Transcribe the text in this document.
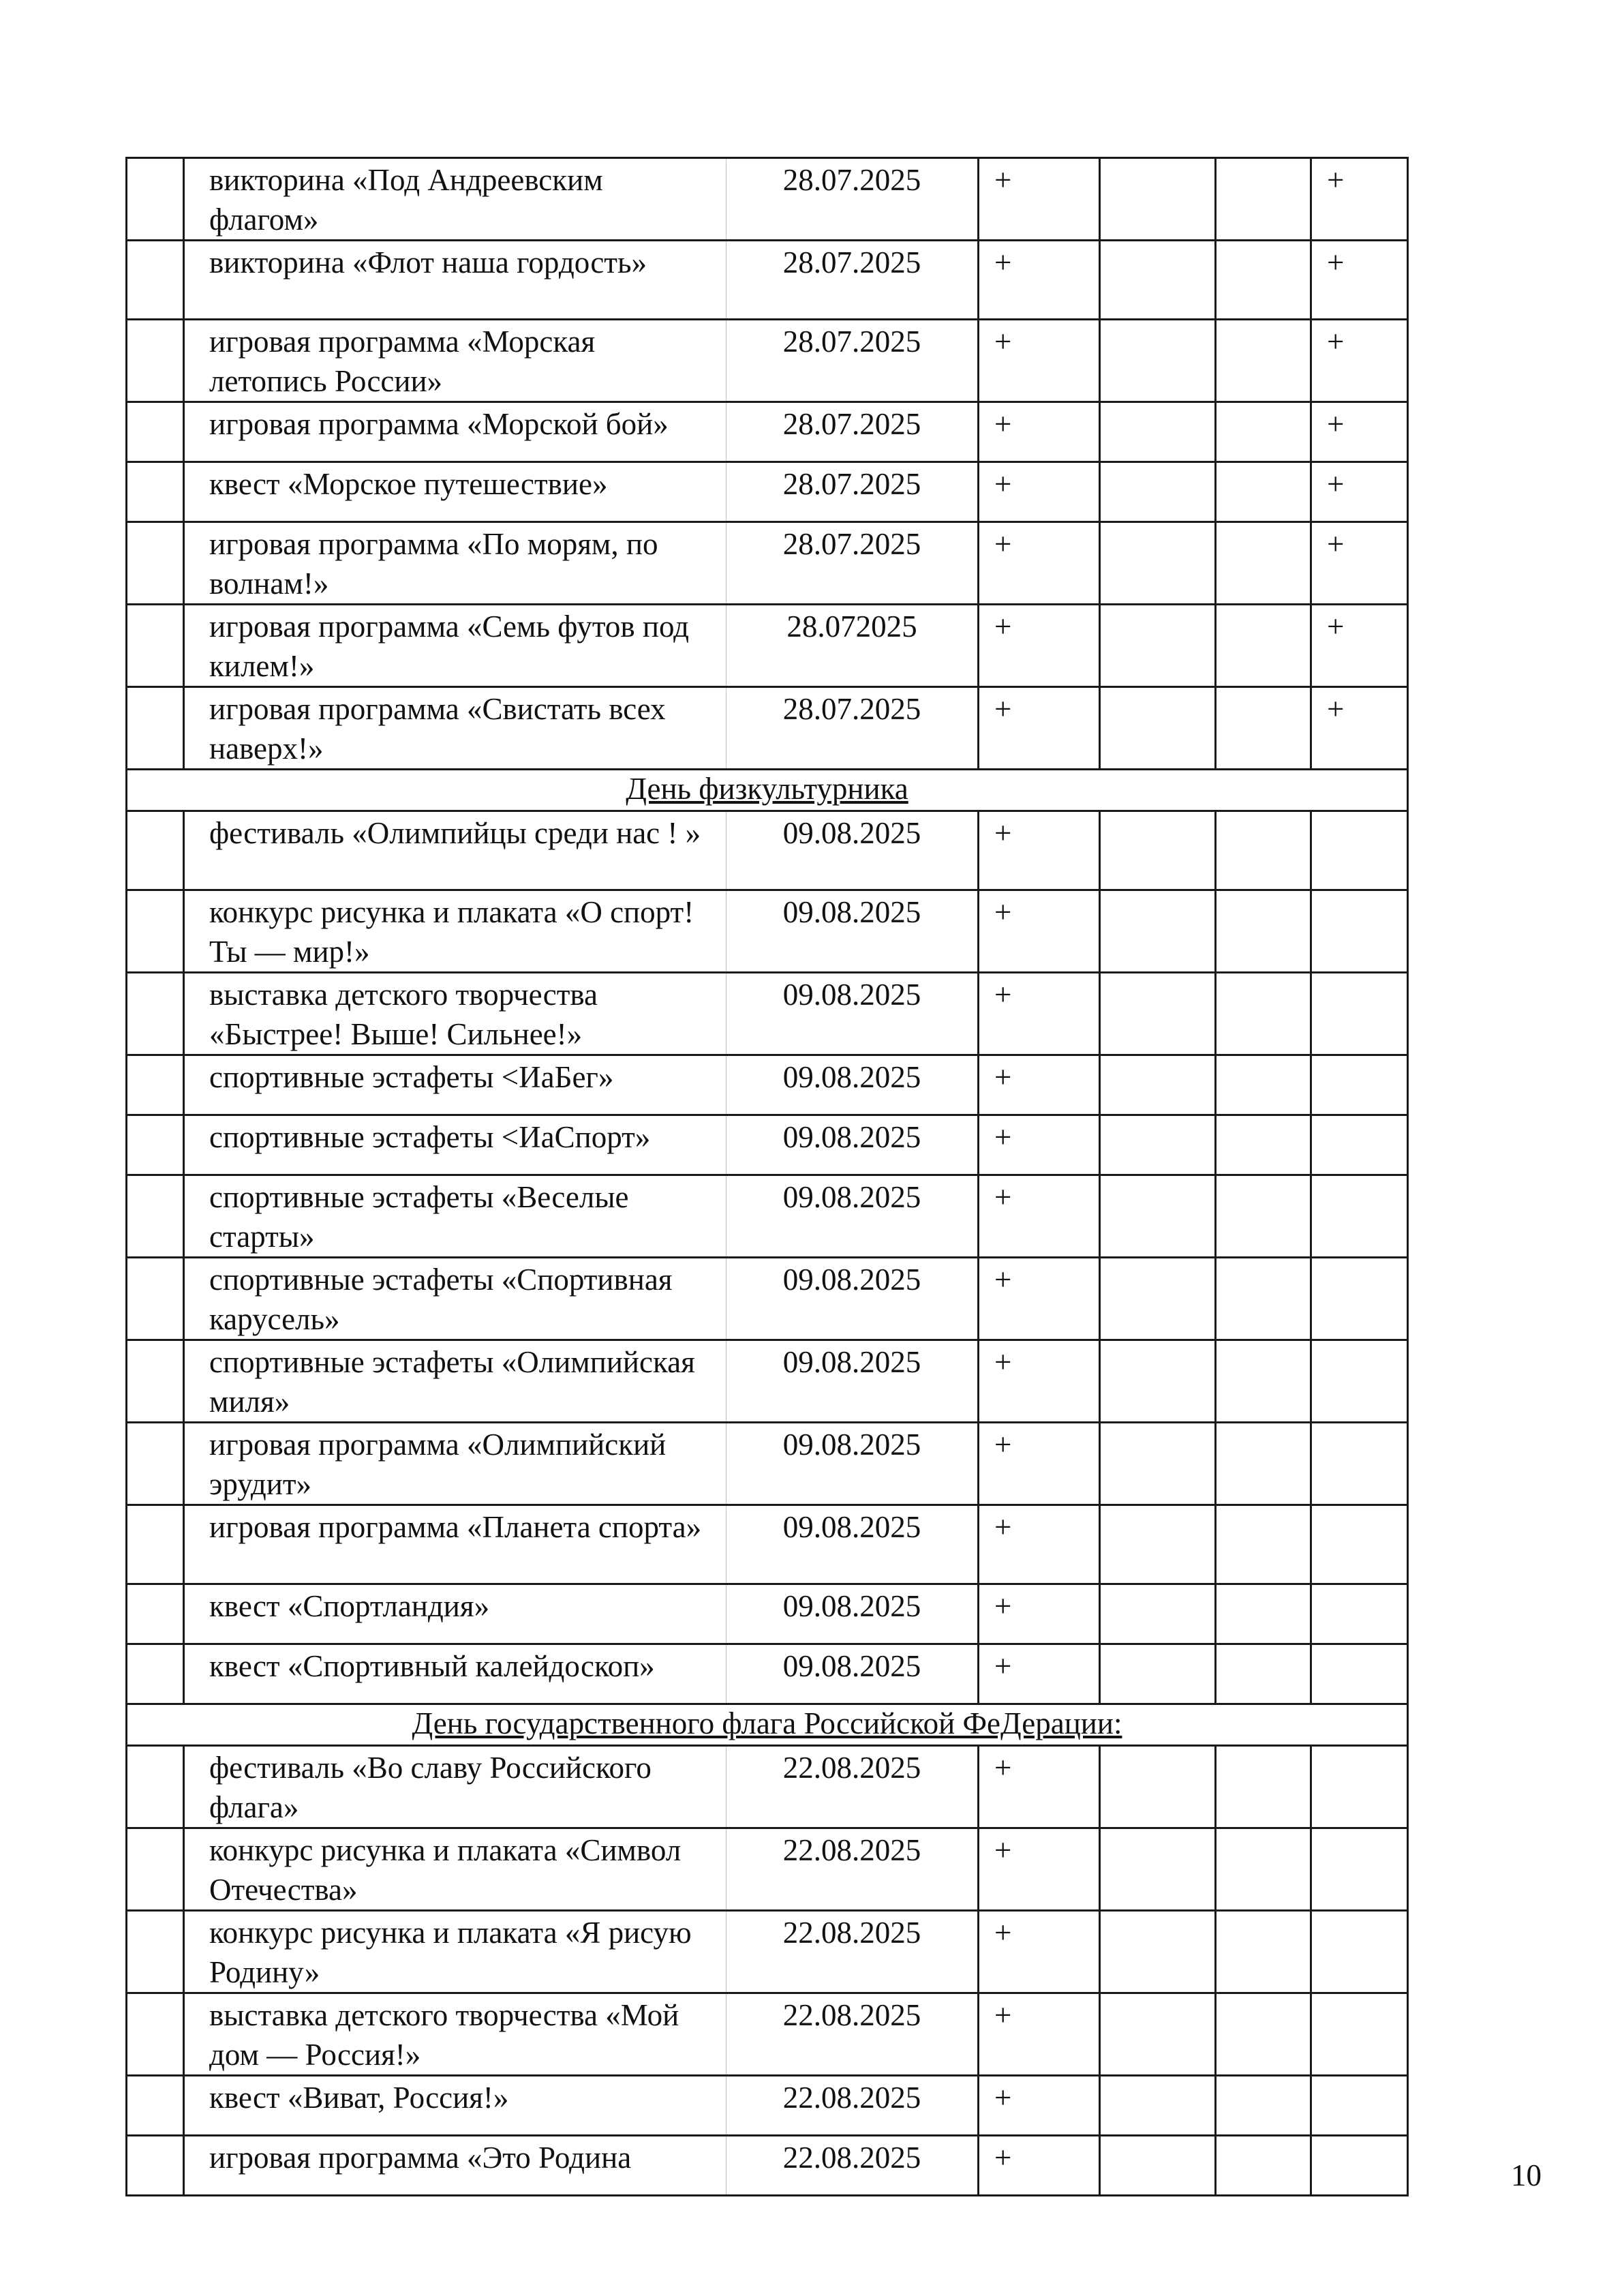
	викторина «Под Андреевским флагом»	28.07.2025	+			+
	викторина «Флот наша гордость»	28.07.2025	+			+
	игровая программа «Морская летопись России»	28.07.2025	+			+
	игровая программа «Морской бой»	28.07.2025	+			+
	квест «Морское путешествие»	28.07.2025	+			+
	игровая программа «По морям, по волнам!»	28.07.2025	+			+
	игровая программа «Семь футов под килем!»	28.072025	+			+
	игровая программа «Свистать всех наверх!»	28.07.2025	+			+
День физкультурника						
	фестиваль «Олимпийцы среди нас ! »	09.08.2025	+			
	конкурс рисунка и плаката «О спорт! Ты — мир!»	09.08.2025	+			
	выставка детского творчества «Быстрее! Выше! Сильнее!»	09.08.2025	+			
	спортивные эстафеты <ИаБег»	09.08.2025	+			
	спортивные эстафеты <ИаСпорт»	09.08.2025	+			
	спортивные эстафеты «Веселые старты»	09.08.2025	+			
	спортивные эстафеты «Спортивная карусель»	09.08.2025	+			
	спортивные эстафеты «Олимпийская миля»	09.08.2025	+			
	игровая программа «Олимпийский эрудит»	09.08.2025	+			
	игровая программа «Планета спорта»	09.08.2025	+			
	квест «Спортландия»	09.08.2025	+			
	квест «Спортивный калейдоскоп»	09.08.2025	+			
День государственного флага Российской ФеДерации:						
	фестиваль «Во славу Российского флага»	22.08.2025	+			
	конкурс рисунка и плаката «Символ Отечества»	22.08.2025	+			
	конкурс рисунка и плаката «Я рисую Родину»	22.08.2025	+			
	выставка детского творчества «Мой дом — Россия!»	22.08.2025	+			
	квест «Виват, Россия!»	22.08.2025	+			
	игровая программа «Это Родина	22.08.2025	+			
10
